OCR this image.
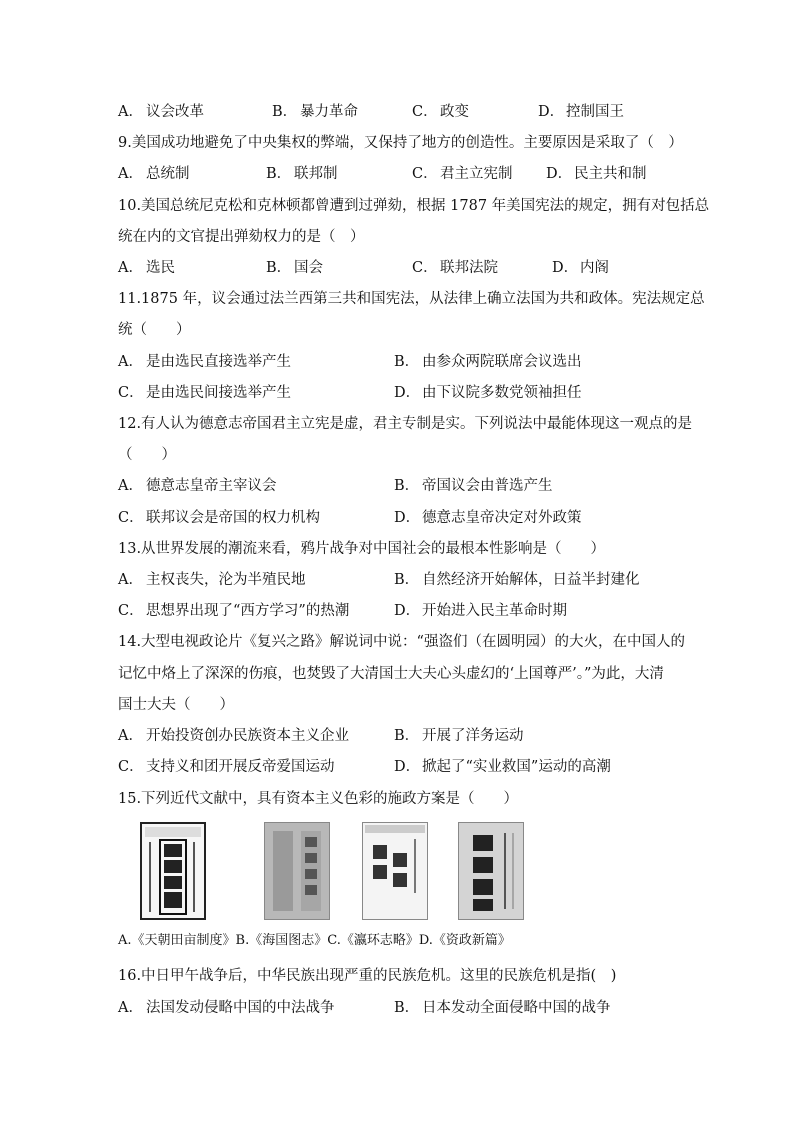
A． 议会改革	B． 暴力革命	C． 政变	D． 控制国王
9.美国成功地避免了中央集权的弊端，又保持了地方的创造性。主要原因是采取了（　）
A． 总统制	B． 联邦制	C． 君主立宪制 D． 民主共和制
10.美国总统尼克松和克林顿都曾遭到过弹劾，根据 1787 年美国宪法的规定，拥有对包括总
统在内的文官提出弹劾权力的是（　）
A． 选民	B． 国会	C． 联邦法院	D． 内阁
11.1875 年，议会通过法兰西第三共和国宪法，从法律上确立法国为共和政体。宪法规定总
统（　　）
A． 是由选民直接选举产生	B． 由参众两院联席会议选出
C． 是由选民间接选举产生	D． 由下议院多数党领袖担任
12.有人认为德意志帝国君主立宪是虚，君主专制是实。下列说法中最能体现这一观点的是
（　　）
A． 德意志皇帝主宰议会	B． 帝国议会由普选产生
C． 联邦议会是帝国的权力机构	D． 德意志皇帝决定对外政策
13.从世界发展的潮流来看，鸦片战争对中国社会的最根本性影响是（　　）
A． 主权丧失，沦为半殖民地	B． 自然经济开始解体，日益半封建化
C． 思想界出现了“西方学习”的热潮	D． 开始进入民主革命时期
14.大型电视政论片《复兴之路》解说词中说：“强盗们（在圆明园）的大火，在中国人的
记忆中烙上了深深的伤痕，也焚毁了大清国士大夫心头虚幻的‘上国尊严’。”为此，大清
国士大夫（　　）
A． 开始投资创办民族资本主义企业	B． 开展了洋务运动
C． 支持义和团开展反帝爱国运动	D． 掀起了“实业救国”运动的高潮
15.下列近代文献中，具有资本主义色彩的施政方案是（　　）
A.《天朝田亩制度》B.《海国图志》C.《瀛环志略》D.《资政新篇》
16.中日甲午战争后，中华民族出现严重的民族危机。这里的民族危机是指(　)
A． 法国发动侵略中国的中法战争	B． 日本发动全面侵略中国的战争
